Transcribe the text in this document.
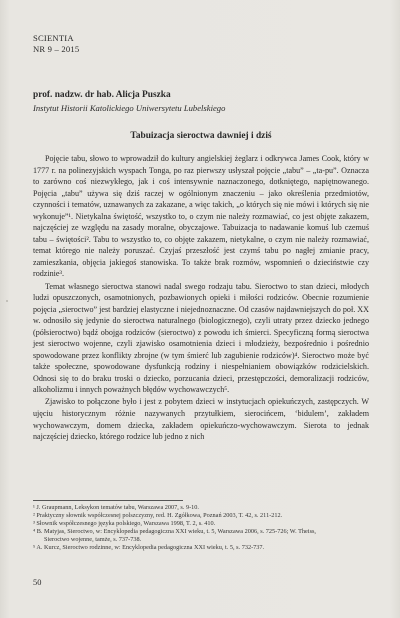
SCIENTIA
NR 9 – 2015
prof. nadzw. dr hab. Alicja Puszka
Instytut Historii Katolickiego Uniwersytetu Lubelskiego
Tabuizacja sieroctwa dawniej i dziś

Pojęcie tabu, słowo to wprowadził do kultury angielskiej żeglarz i odkrywca James Cook, który w 1777 r. na polinezyjskich wyspach Tonga, po raz pierwszy usłyszał pojęcie „tabu” – „ta-pu”. Oznacza to zarówno coś niezwykłego, jak i coś intensywnie naznaczonego, dotkniętego, napiętnowanego. Pojęcia „tabu” używa się dziś raczej w ogólnionym znaczeniu – jako określenia przedmiotów, czynności i tematów, uznawanych za zakazane, a więc takich, „o których się nie mówi i których się nie wykonuje”¹. Nietykalna świętość, wszystko to, o czym nie należy rozmawiać, co jest objęte zakazem, najczęściej ze względu na zasady moralne, obyczajowe. Tabuizacja to nadawanie komuś lub czemuś tabu – świętości². Tabu to wszystko to, co objęte zakazem, nietykalne, o czym nie należy rozmawiać, temat którego nie należy poruszać. Czyjaś przeszłość jest czymś tabu po nagłej zmianie pracy, zamieszkania, objęcia jakiegoś stanowiska. To także brak rozmów, wspomnień o dzieciństwie czy rodzinie³.

Temat własnego sieroctwa stanowi nadal swego rodzaju tabu. Sieroctwo to stan dzieci, młodych ludzi opuszczonych, osamotnionych, pozbawionych opieki i miłości rodziców. Obecnie rozumienie pojęcia „sieroctwo” jest bardziej elastyczne i niejednoznaczne. Od czasów najdawniejszych do poł. XX w. odnosiło się jedynie do sieroctwa naturalnego (biologicznego), czyli utraty przez dziecko jednego (półsieroctwo) bądź obojga rodziców (sieroctwo) z powodu ich śmierci. Specyficzną formą sieroctwa jest sieroctwo wojenne, czyli zjawisko osamotnienia dzieci i młodzieży, bezpośrednio i pośrednio spowodowane przez konflikty zbrojne (w tym śmierć lub zagubienie rodziców)⁴. Sieroctwo może być także społeczne, spowodowane dysfunkcją rodziny i niespełnianiem obowiązków rodzicielskich. Odnosi się to do braku troski o dziecko, porzucania dzieci, przestępczości, demoralizacji rodziców, alkoholizmu i innych poważnych błędów wychowawczych⁵.

Zjawisko to połączone było i jest z pobytem dzieci w instytucjach opiekuńczych, zastępczych. W ujęciu historycznym różnie nazywanych przytułkiem, sierocińcem, ‘bidulem’, zakładem wychowawczym, domem dziecka, zakładem opiekuńczo-wychowawczym. Sierota to jednak najczęściej dziecko, którego rodzice lub jedno z nich

¹ J. Graupmann, Leksykon tematów tabu, Warszawa 2007, s. 9-10.
² Praktyczny słownik współczesnej polszczyzny, red. H. Zgółkowa, Poznań 2003, T. 42, s. 211-212.
³ Słownik współczesnego języka polskiego, Warszawa 1998, T. 2, s. 410.
⁴ B. Matyjas, Sieroctwo, w: Encyklopedia pedagogiczna XXI wieku, t. 5, Warszawa 2006, s. 725-726; W. Theiss,
Sieroctwo wojenne, tamże, s. 737-738.
⁵ A. Kurcz, Sieroctwo rodzinne, w: Encyklopedia pedagogiczna XXI wieku, t. 5, s. 732-737.
50
